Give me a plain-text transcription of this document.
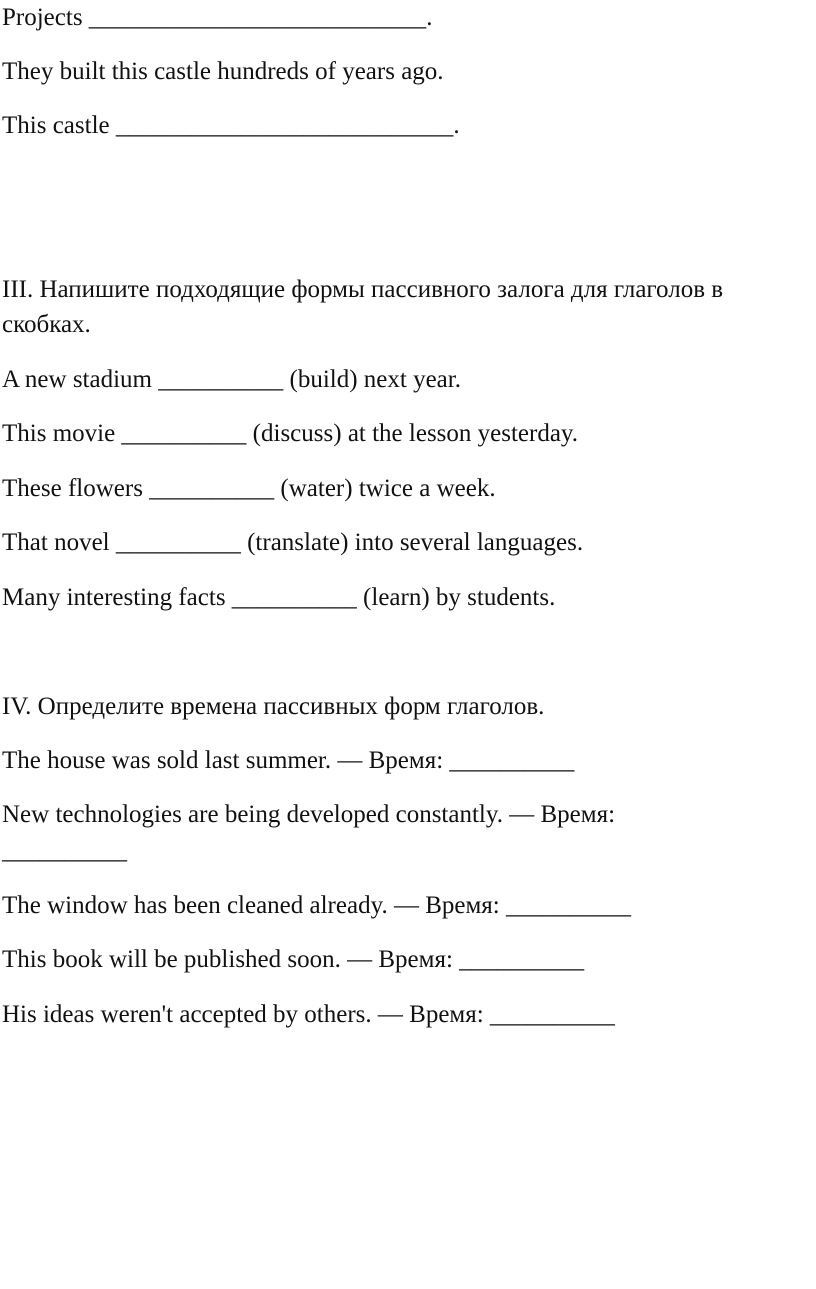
Projects ___________________________.

They built this castle hundreds of years ago.

This castle ___________________________.

III. Напишите подходящие формы пассивного залога для глаголов в

скобках.

A new stadium __________ (build) next year.

This movie __________ (discuss) at the lesson yesterday.

These flowers __________ (water) twice a week.

That novel __________ (translate) into several languages.

Many interesting facts __________ (learn) by students.

IV. Определите времена пассивных форм глаголов.

The house was sold last summer. — Время: __________

New technologies are being developed constantly. — Время:

__________

The window has been cleaned already. — Время: __________

This book will be published soon. — Время: __________

His ideas weren't accepted by others. — Время: __________
